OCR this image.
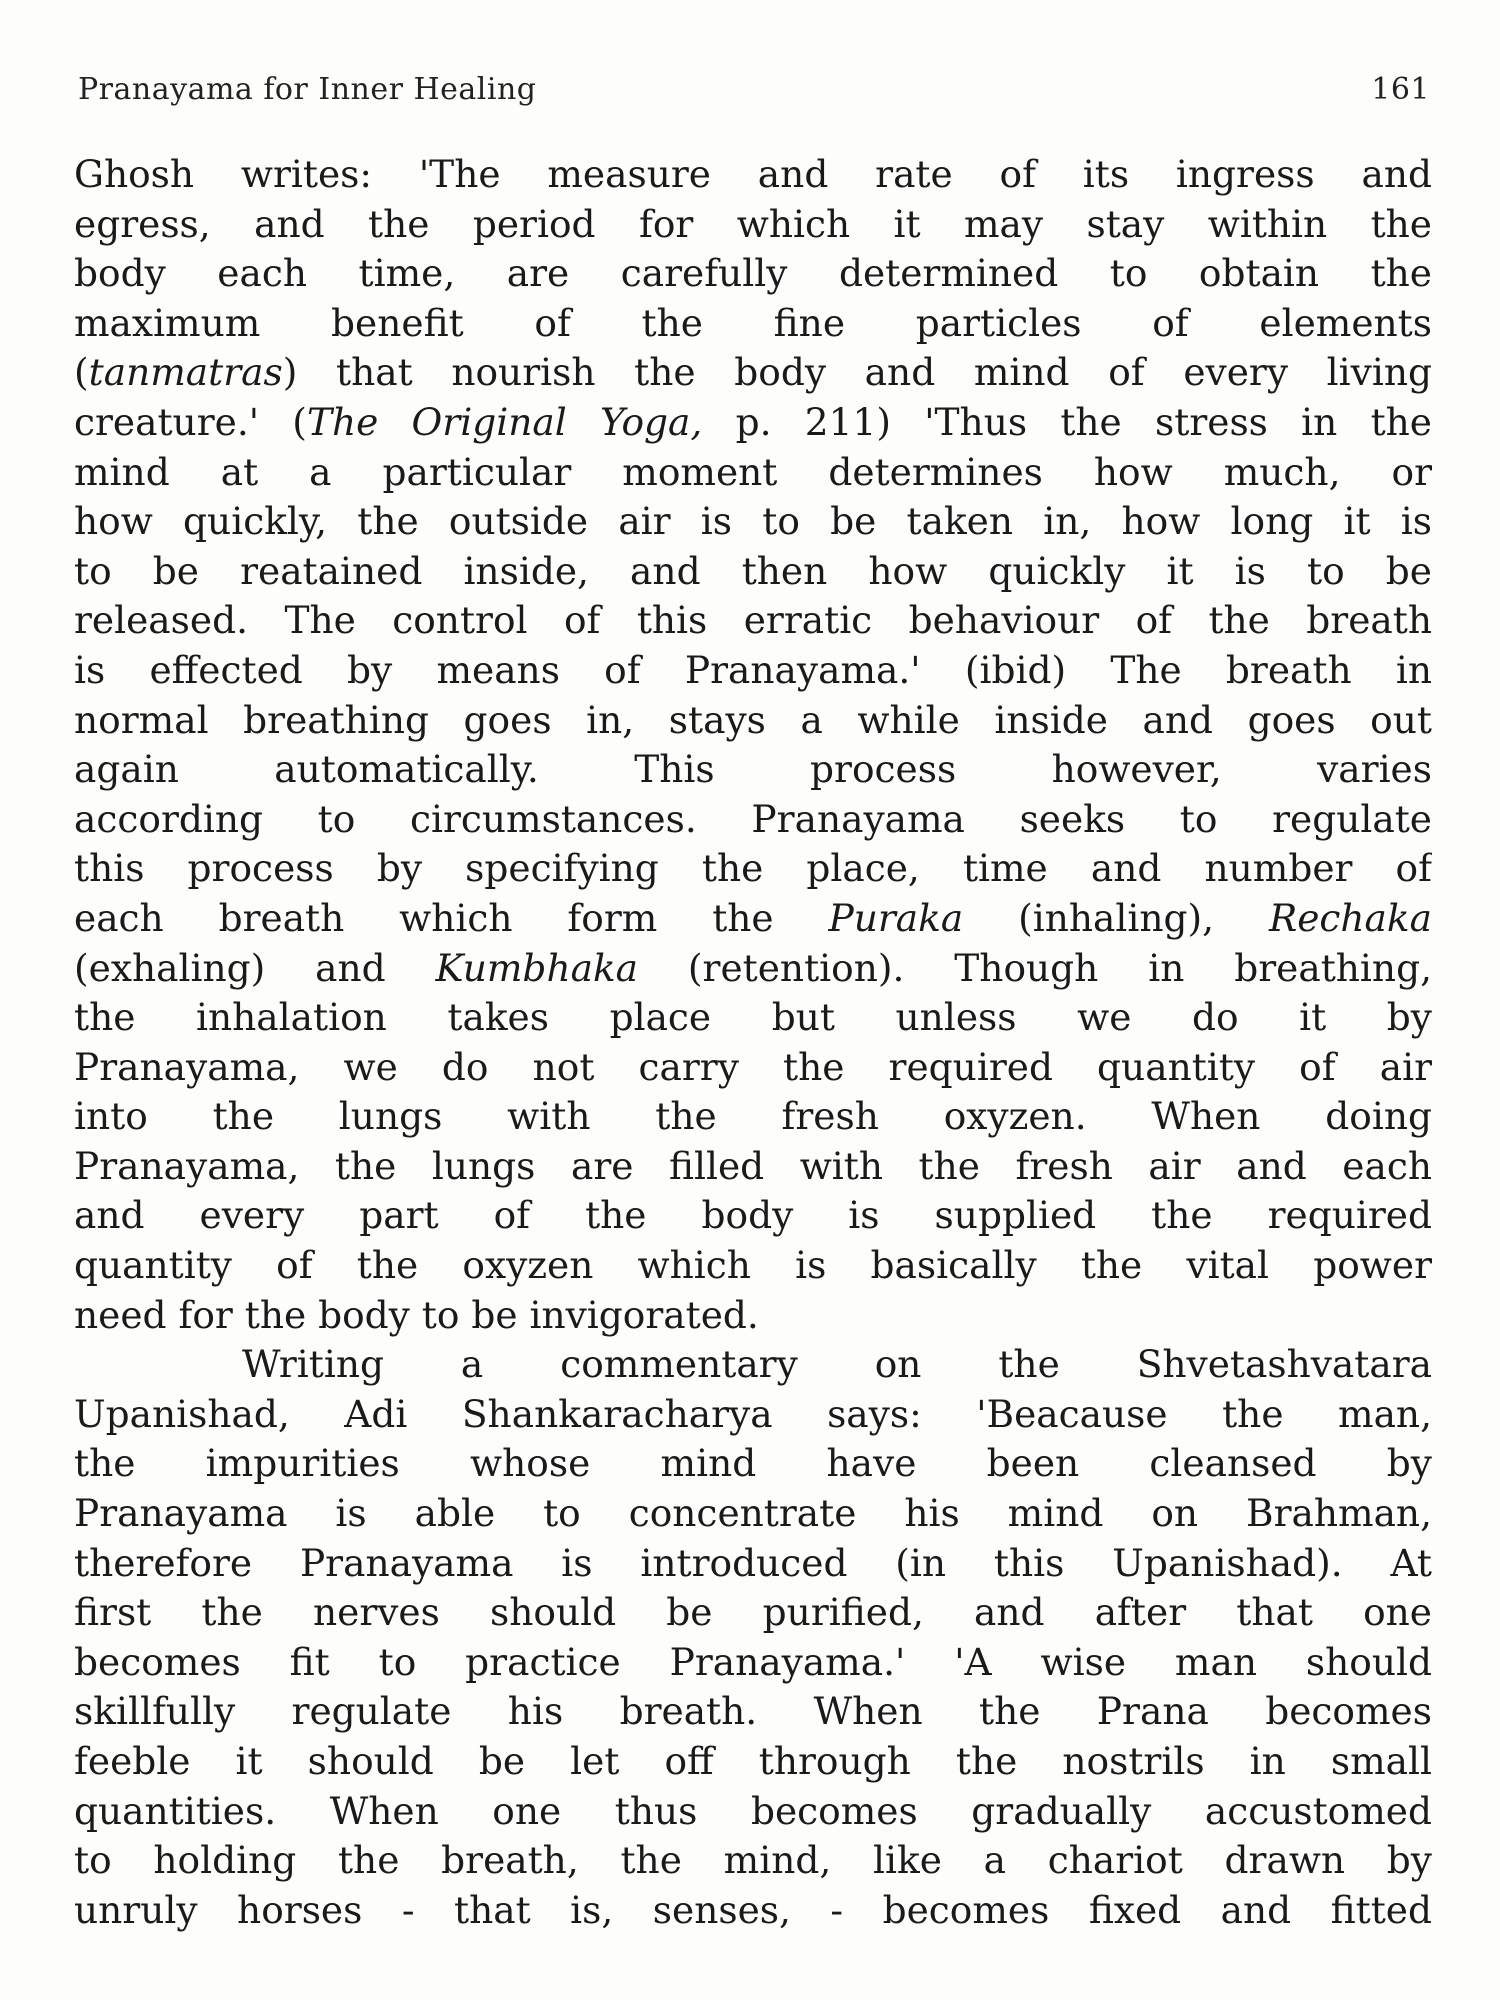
Pranayama for Inner Healing	161
Ghosh writes: 'The measure and rate of its ingress and
egress, and the period for which it may stay within the
body each time, are carefully determined to obtain the
maximum benefit of the fine particles of elements
(tanmatras) that nourish the body and mind of every living
creature.' (The Original Yoga, p. 211) 'Thus the stress in the
mind at a particular moment determines how much, or
how quickly, the outside air is to be taken in, how long it is
to be reatained inside, and then how quickly it is to be
released. The control of this erratic behaviour of the breath
is effected by means of Pranayama.' (ibid) The breath in
normal breathing goes in, stays a while inside and goes out
again automatically. This process however, varies
according to circumstances. Pranayama seeks to regulate
this process by specifying the place, time and number of
each breath which form the Puraka (inhaling), Rechaka
(exhaling) and Kumbhaka (retention). Though in breathing,
the inhalation takes place but unless we do it by
Pranayama, we do not carry the required quantity of air
into the lungs with the fresh oxyzen. When doing
Pranayama, the lungs are filled with the fresh air and each
and every part of the body is supplied the required
quantity of the oxyzen which is basically the vital power
need for the body to be invigorated.
Writing a commentary on the Shvetashvatara
Upanishad, Adi Shankaracharya says: 'Beacause the man,
the impurities whose mind have been cleansed by
Pranayama is able to concentrate his mind on Brahman,
therefore Pranayama is introduced (in this Upanishad). At
first the nerves should be purified, and after that one
becomes fit to practice Pranayama.' 'A wise man should
skillfully regulate his breath. When the Prana becomes
feeble it should be let off through the nostrils in small
quantities. When one thus becomes gradually accustomed
to holding the breath, the mind, like a chariot drawn by
unruly horses - that is, senses, - becomes fixed and fitted
